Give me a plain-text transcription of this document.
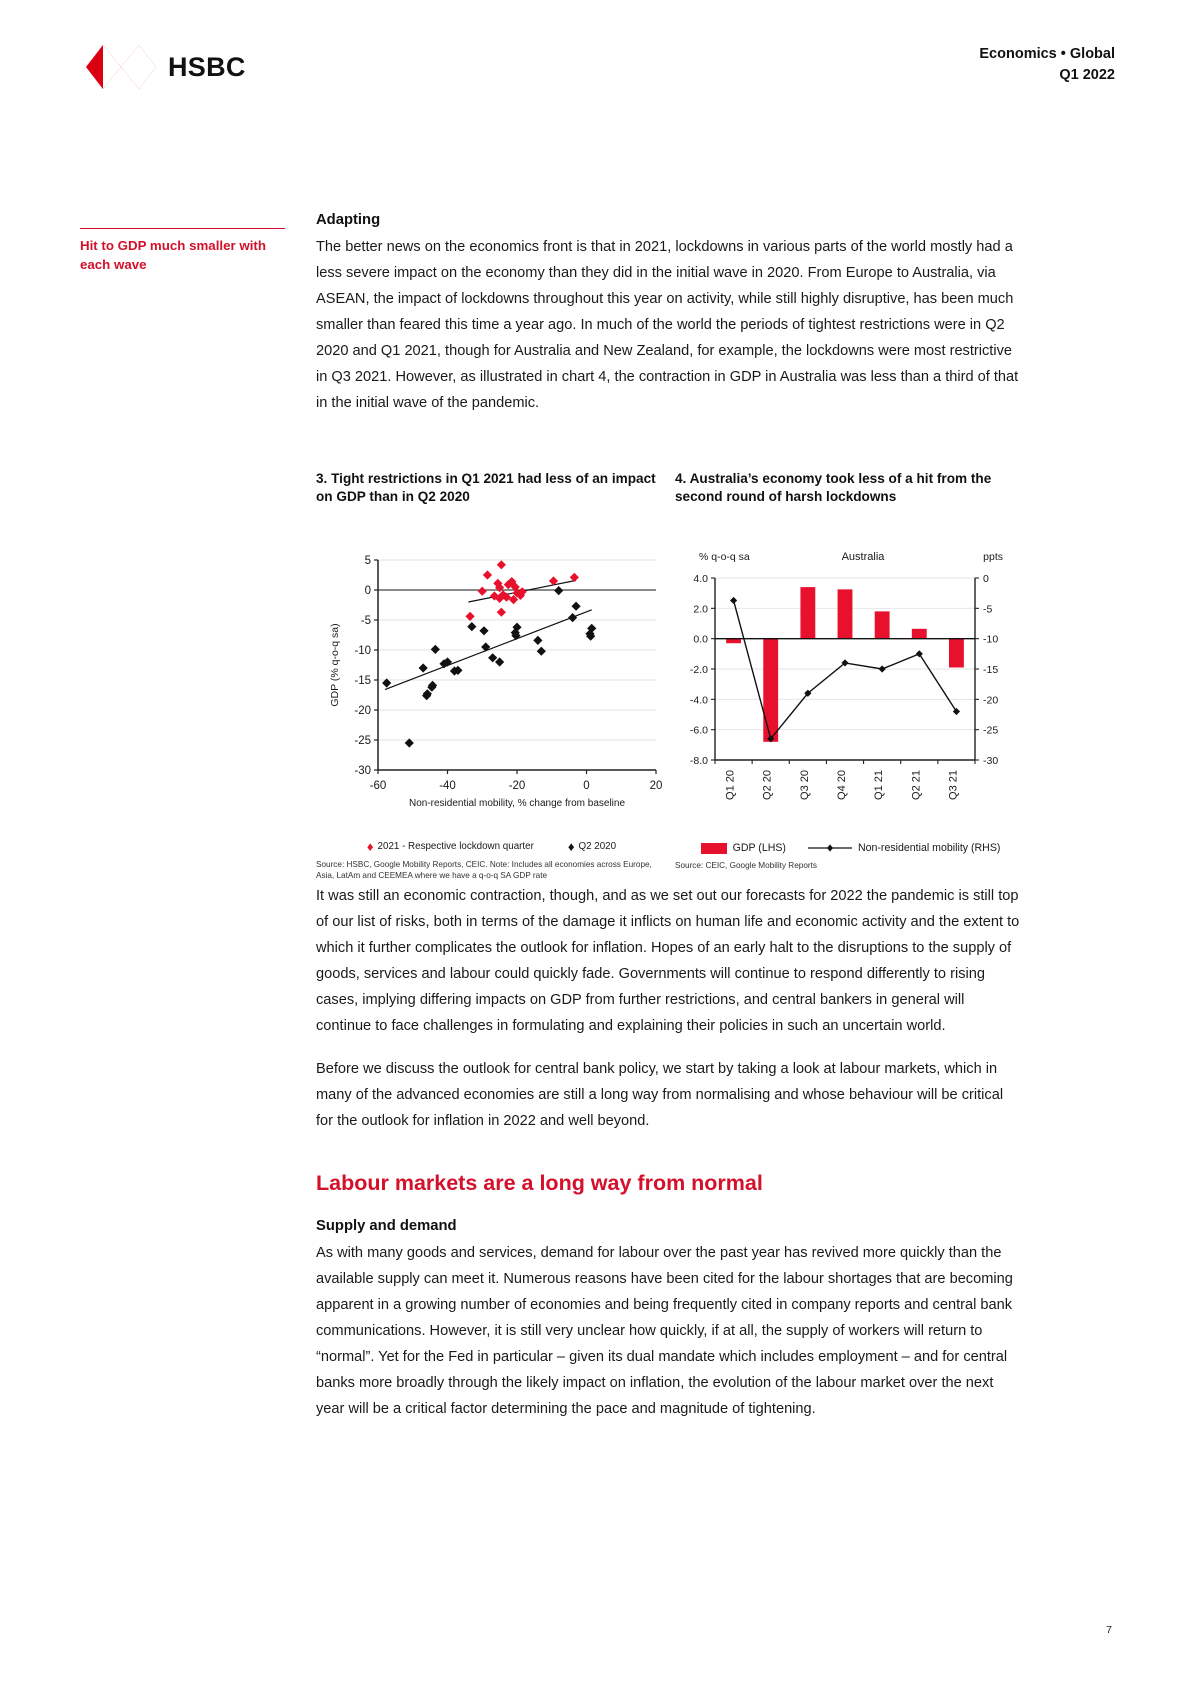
HSBC	Economics • Global
Q1 2022
Hit to GDP much smaller with each wave
Adapting

The better news on the economics front is that in 2021, lockdowns in various parts of the world mostly had a less severe impact on the economy than they did in the initial wave in 2020. From Europe to Australia, via ASEAN, the impact of lockdowns throughout this year on activity, while still highly disruptive, has been much smaller than feared this time a year ago. In much of the world the periods of tightest restrictions were in Q2 2020 and Q1 2021, though for Australia and New Zealand, for example, the lockdowns were most restrictive in Q3 2021. However, as illustrated in chart 4, the contraction in GDP in Australia was less than a third of that in the initial wave of the pandemic.

3. Tight restrictions in Q1 2021 had less of an impact on GDP than in Q2 2020
5
0
-5
-10
-15
-20
-25
-30
-60	-40	-20	0	20
GDP (% q-o-q sa)
Non-residential mobility, % change from baseline
♦ 2021 - Respective lockdown quarter	♦ Q2 2020
Source: HSBC, Google Mobility Reports, CEIC. Note: Includes all economies across Europe, Asia, LatAm and CEEMEA where we have a q-o-q SA GDP rate
4. Australia’s economy took less of a hit from the second round of harsh lockdowns
% q-o-q sa	ppts
Australia
4.0
2.0
0.0
-2.0
-4.0
-6.0
-8.0
0
-5
-10
-15
-20
-25
-30
Q1 20 Q2 20 Q3 20 Q4 20 Q1 21 Q2 21 Q3 21
GDP (LHS)	Non-residential mobility (RHS)
Source: CEIC, Google Mobility Reports

It was still an economic contraction, though, and as we set out our forecasts for 2022 the pandemic is still top of our list of risks, both in terms of the damage it inflicts on human life and economic activity and the extent to which it further complicates the outlook for inflation. Hopes of an early halt to the disruptions to the supply of goods, services and labour could quickly fade. Governments will continue to respond differently to rising cases, implying differing impacts on GDP from further restrictions, and central bankers in general will continue to face challenges in formulating and explaining their policies in such an uncertain world.

Before we discuss the outlook for central bank policy, we start by taking a look at labour markets, which in many of the advanced economies are still a long way from normalising and whose behaviour will be critical for the outlook for inflation in 2022 and well beyond.

Labour markets are a long way from normal
Supply and demand

As with many goods and services, demand for labour over the past year has revived more quickly than the available supply can meet it. Numerous reasons have been cited for the labour shortages that are becoming apparent in a growing number of economies and being frequently cited in company reports and central bank communications. However, it is still very unclear how quickly, if at all, the supply of workers will return to “normal”. Yet for the Fed in particular – given its dual mandate which includes employment – and for central banks more broadly through the likely impact on inflation, the evolution of the labour market over the next year will be a critical factor determining the pace and magnitude of tightening.

7
